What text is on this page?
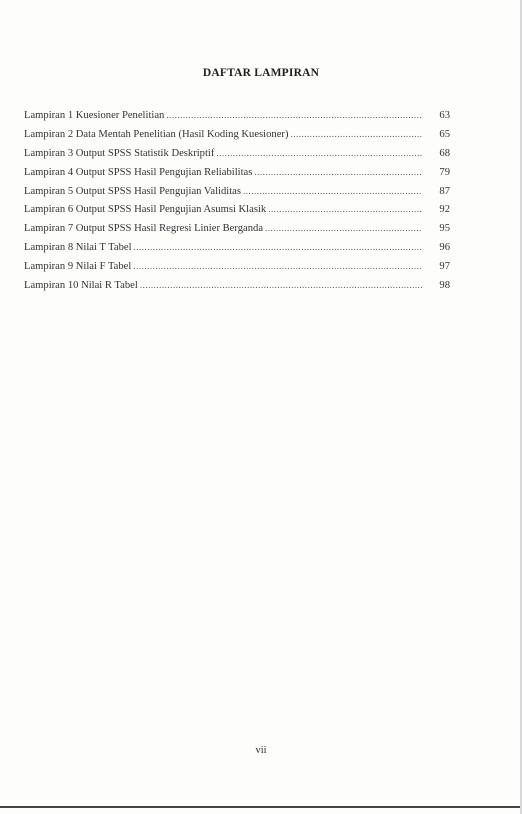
DAFTAR LAMPIRAN
Lampiran 1 Kuesioner Penelitian .....	63
Lampiran 2 Data Mentah Penelitian (Hasil Koding Kuesioner) .....	65
Lampiran 3 Output SPSS Statistik Deskriptif .....	68
Lampiran 4 Output SPSS Hasil Pengujian Reliabilitas .....	79
Lampiran 5 Output SPSS Hasil Pengujian Validitas .....	87
Lampiran 6 Output SPSS Hasil Pengujian Asumsi Klasik .....	92
Lampiran 7 Output SPSS Hasil Regresi Linier Berganda .....	95
Lampiran 8 Nilai T Tabel .....	96
Lampiran 9 Nilai F Tabel .....	97
Lampiran 10 Nilai R Tabel .....	98
vii
